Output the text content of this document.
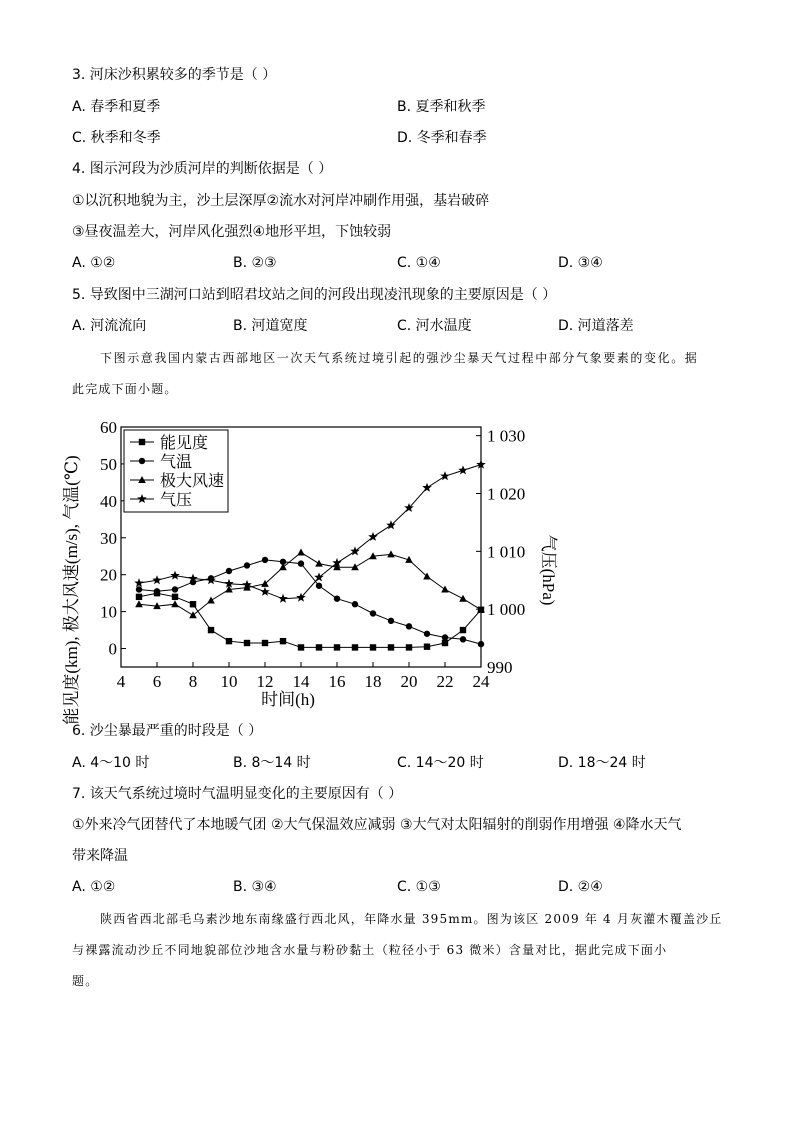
3. 河床沙积累较多的季节是（ ）
A. 春季和夏季	B. 夏季和秋季
C. 秋季和冬季	D. 冬季和春季
4. 图示河段为沙质河岸的判断依据是（ ）
①以沉积地貌为主，沙土层深厚②流水对河岸冲刷作用强，基岩破碎
③昼夜温差大，河岸风化强烈④地形平坦，下蚀较弱
A. ①②	B. ②③	C. ①④	D. ③④
5. 导致图中三湖河口站到昭君坟站之间的河段出现凌汛现象的主要原因是（ ）
A. 河流流向	B. 河道宽度	C. 河水温度	D. 河道落差
下图示意我国内蒙古西部地区一次天气系统过境引起的强沙尘暴天气过程中部分气象要素的变化。据
此完成下面小题。
4 6 8 10 12 14 16 18 20 22 24
0
10
20
30
40
50
60
990
1 000
1 010
1 020
1 030
能见度
气温
极大风速
气压
时间(h)
能见度(km), 极大风速(m/s), 气温(℃)	气压(hPa)
6. 沙尘暴最严重的时段是（ ）
A. 4～10 时	B. 8～14 时	C. 14～20 时	D. 18～24 时
7. 该天气系统过境时气温明显变化的主要原因有（ ）
①外来冷气团替代了本地暖气团 ②大气保温效应减弱 ③大气对太阳辐射的削弱作用增强 ④降水天气
带来降温
A. ①②	B. ③④	C. ①③	D. ②④
陕西省西北部毛乌素沙地东南缘盛行西北风，年降水量 395mm。图为该区 2009 年 4 月灰灌木覆盖沙丘
与裸露流动沙丘不同地貌部位沙地含水量与粉砂黏土（粒径小于 63 微米）含量对比，据此完成下面小
题。
